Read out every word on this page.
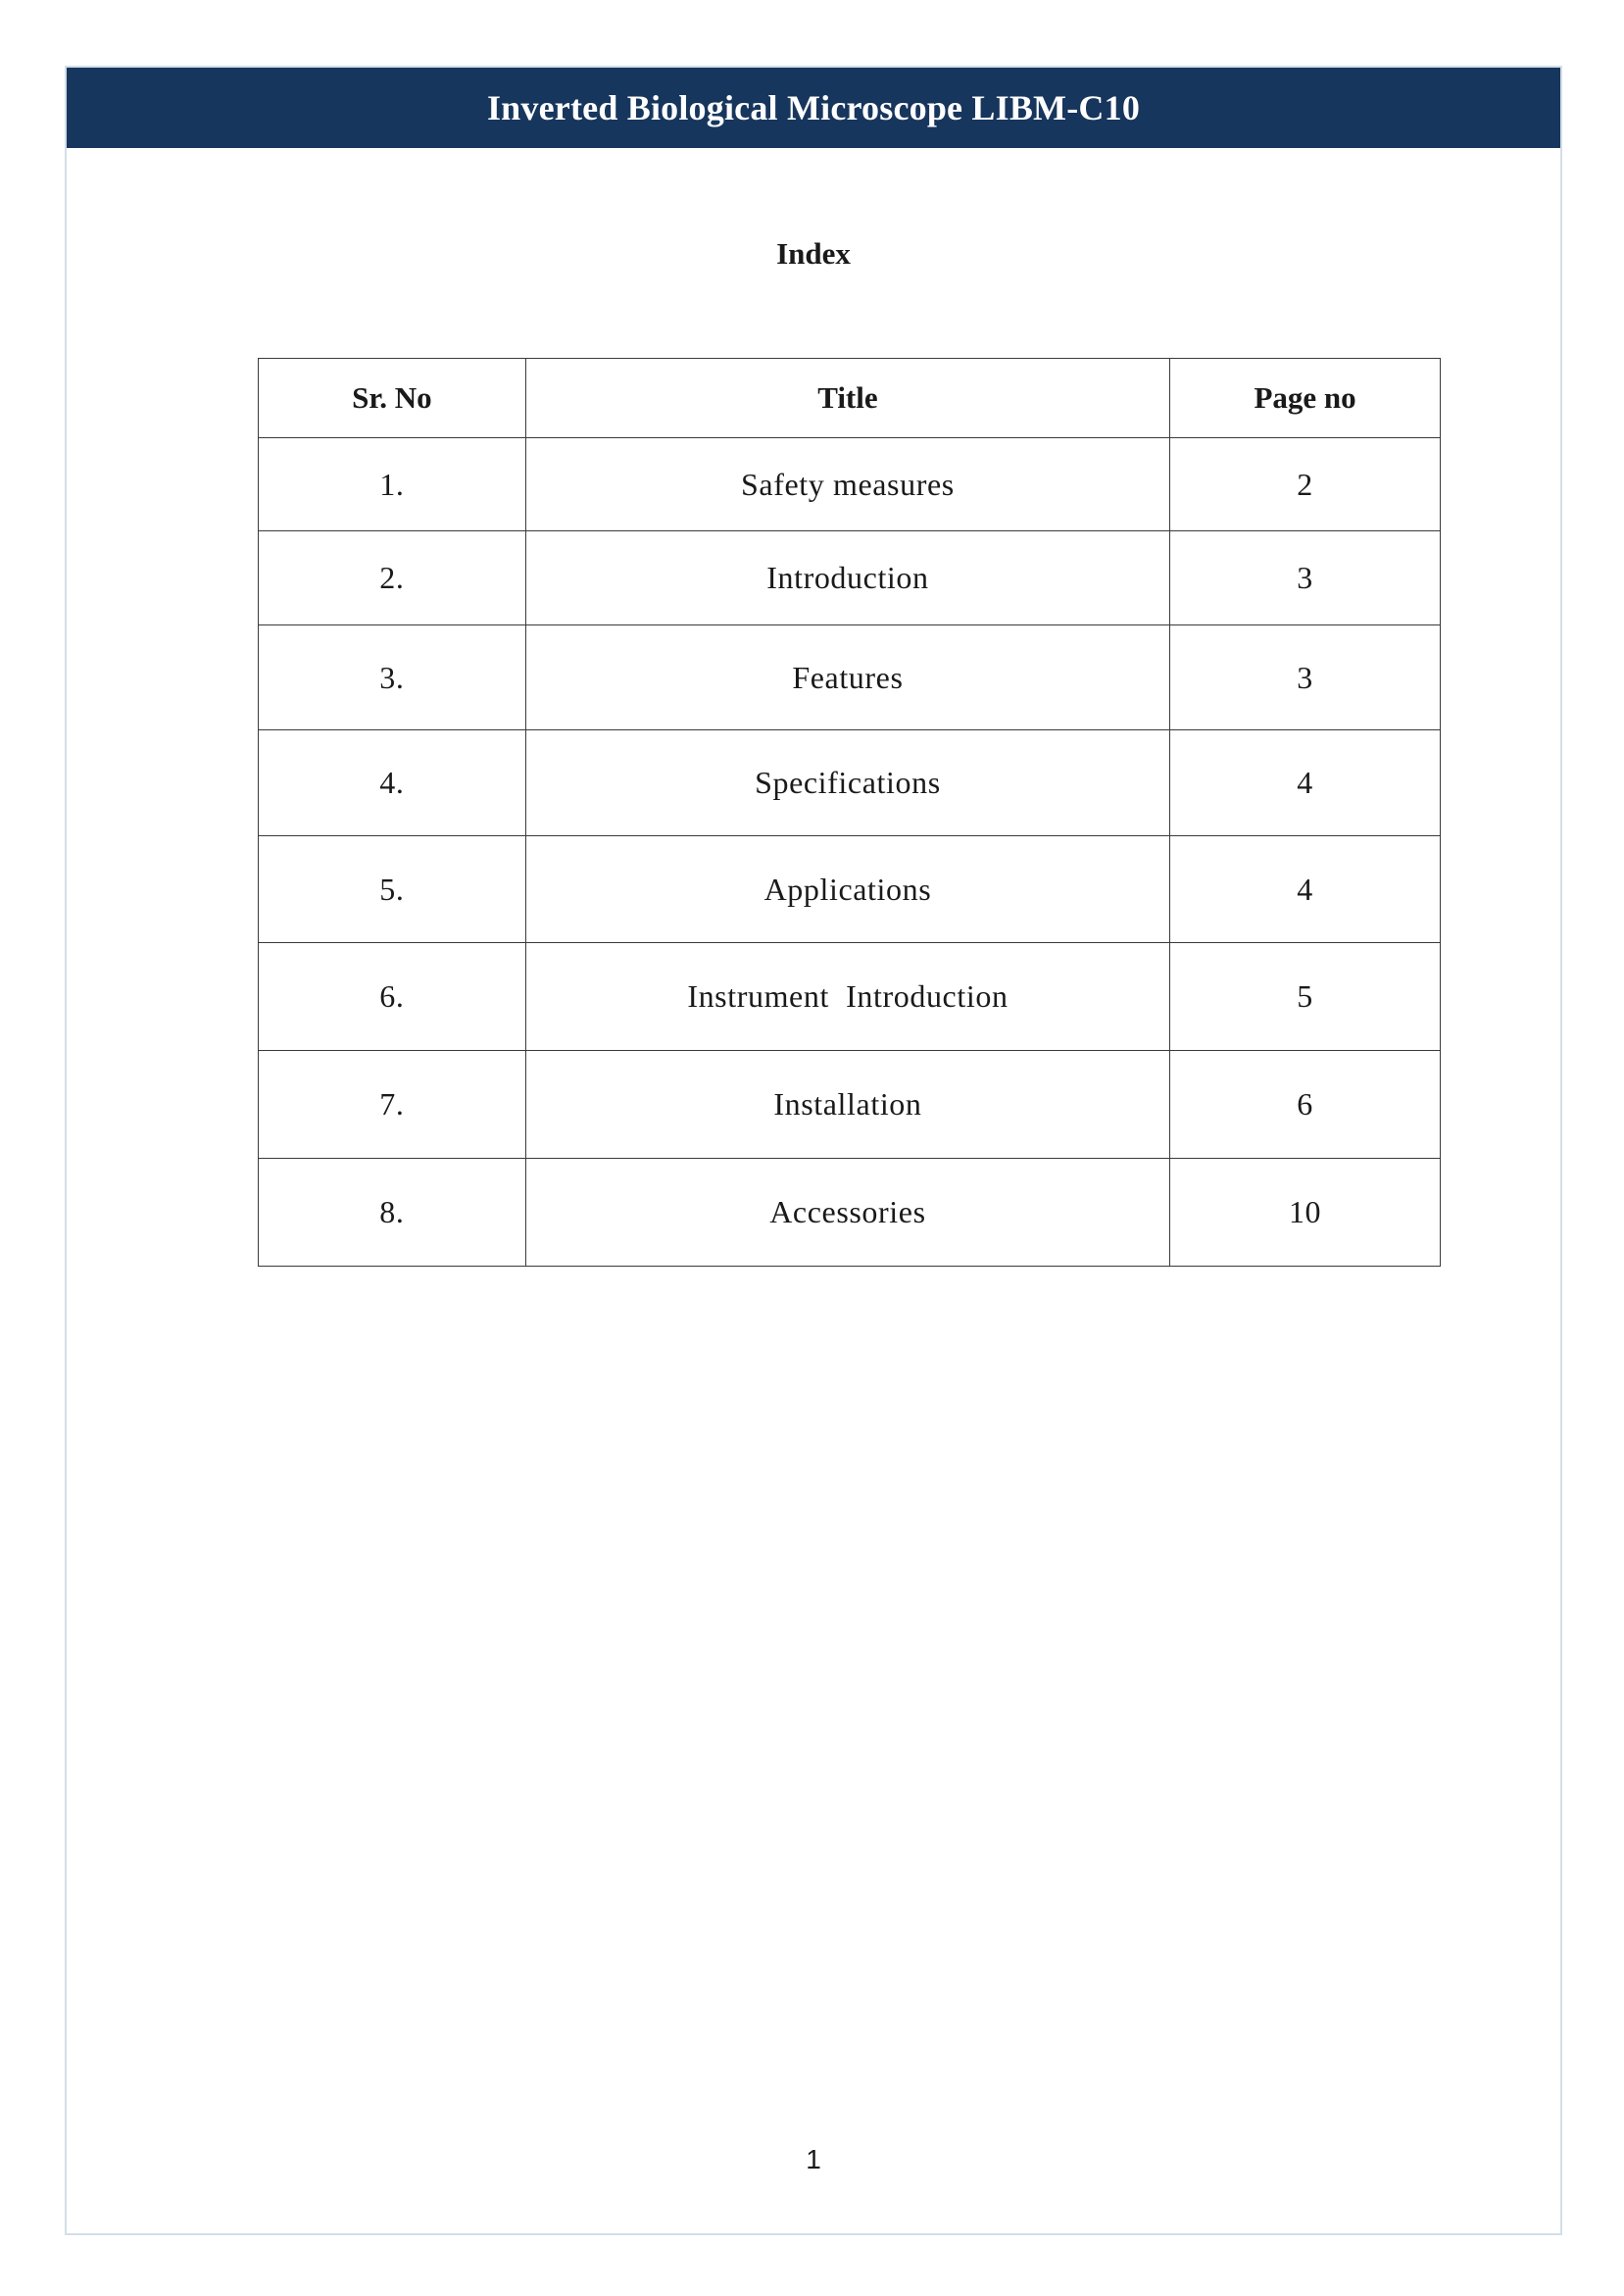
Inverted Biological Microscope LIBM-C10
Index
Sr. No	Title	Page no
1.	Safety measures	2
2.	Introduction	3
3.	Features	3
4.	Specifications	4
5.	Applications	4
6.	Instrument  Introduction	5
7.	Installation	6
8.	Accessories	10
1
